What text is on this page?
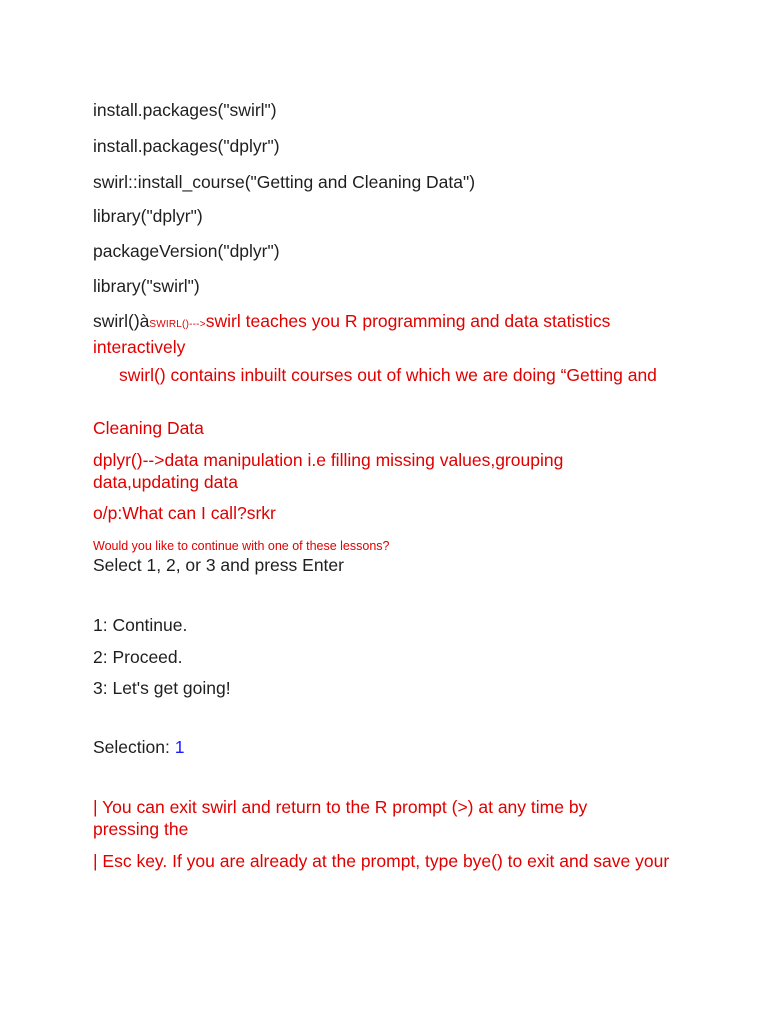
install.packages("swirl")

install.packages("dplyr")

swirl::install_course("Getting and Cleaning Data")

library("dplyr")

packageVersion("dplyr")

library("swirl")

swirl()àSWIRL()--->swirl teaches you R programming and data statistics interactively

swirl() contains inbuilt courses out of which we are doing “Getting and

Cleaning Data

dplyr()-->data manipulation i.e filling missing values,grouping data,updating data

o/p:What can I call?srkr

Would you like to continue with one of these lessons?

Select 1, 2, or 3 and press Enter

1: Continue.

2: Proceed.

3: Let's get going!

Selection: 1

| You can exit swirl and return to the R prompt (>) at any time by pressing the

| Esc key. If you are already at the prompt, type bye() to exit and save your
